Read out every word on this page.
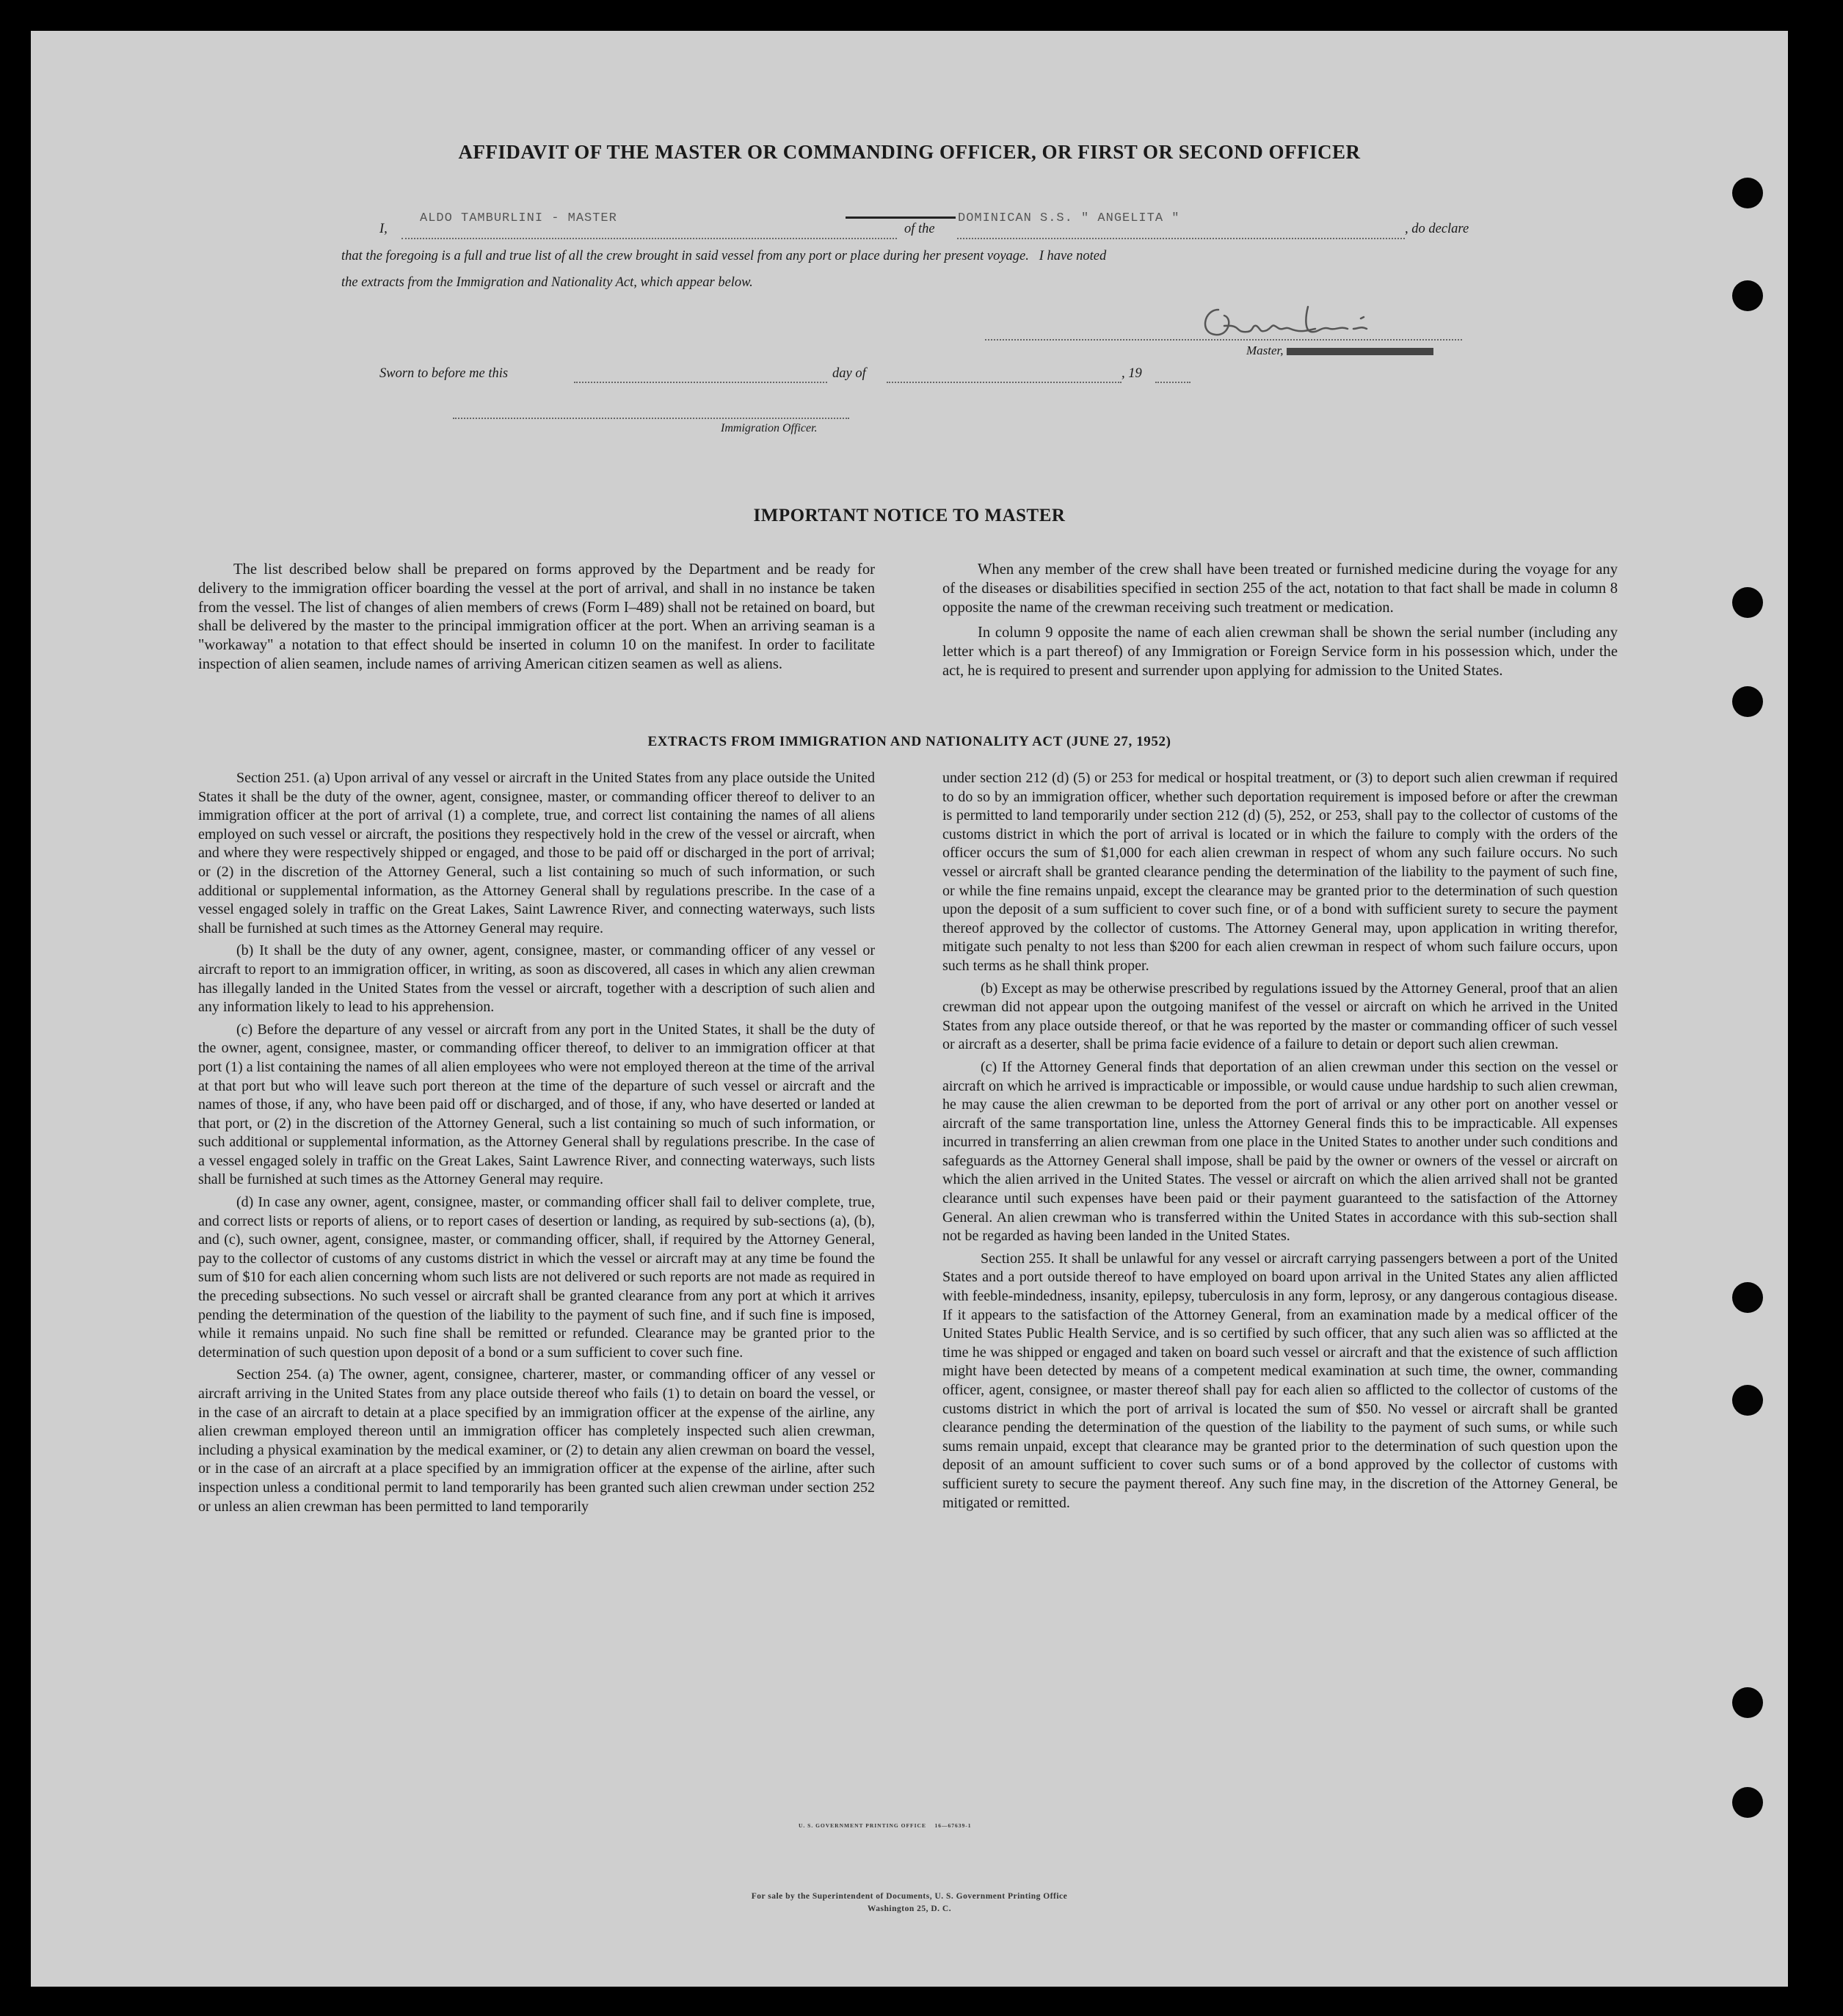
AFFIDAVIT OF THE MASTER OR COMMANDING OFFICER, OR FIRST OR SECOND OFFICER
I,
ALDO TAMBURLINI - MASTER
of the
DOMINICAN S.S. " ANGELITA "
, do declare
that the foregoing is a full and true list of all the crew brought in said vessel from any port or place during her present voyage.   I have noted
the extracts from the Immigration and Nationality Act, which appear below.
Master,
Sworn to before me this	day of	, 19
Immigration Officer.
IMPORTANT NOTICE TO MASTER

The list described below shall be prepared on forms approved by the Department and be ready for delivery to the immigration officer boarding the vessel at the port of arrival, and shall in no instance be taken from the vessel. The list of changes of alien members of crews (Form I–489) shall not be retained on board, but shall be delivered by the master to the principal immigration officer at the port. When an arriving seaman is a "workaway" a notation to that effect should be inserted in column 10 on the manifest. In order to facilitate inspection of alien seamen, include names of arriving American citizen seamen as well as aliens.

When any member of the crew shall have been treated or furnished medicine during the voyage for any of the diseases or disabilities specified in section 255 of the act, notation to that fact shall be made in column 8 opposite the name of the crewman receiving such treatment or medication.

In column 9 opposite the name of each alien crewman shall be shown the serial number (including any letter which is a part thereof) of any Immigration or Foreign Service form in his possession which, under the act, he is required to present and surrender upon applying for admission to the United States.

EXTRACTS FROM IMMIGRATION AND NATIONALITY ACT (JUNE 27, 1952)

Section 251. (a) Upon arrival of any vessel or aircraft in the United States from any place outside the United States it shall be the duty of the owner, agent, consignee, master, or commanding officer thereof to deliver to an immigration officer at the port of arrival (1) a complete, true, and correct list containing the names of all aliens employed on such vessel or aircraft, the positions they respectively hold in the crew of the vessel or aircraft, when and where they were respectively shipped or engaged, and those to be paid off or discharged in the port of arrival; or (2) in the discretion of the Attorney General, such a list containing so much of such information, or such additional or supplemental information, as the Attorney General shall by regulations prescribe. In the case of a vessel engaged solely in traffic on the Great Lakes, Saint Lawrence River, and connecting waterways, such lists shall be furnished at such times as the Attorney General may require.

(b) It shall be the duty of any owner, agent, consignee, master, or commanding officer of any vessel or aircraft to report to an immigration officer, in writing, as soon as discovered, all cases in which any alien crewman has illegally landed in the United States from the vessel or aircraft, together with a description of such alien and any information likely to lead to his apprehension.

(c) Before the departure of any vessel or aircraft from any port in the United States, it shall be the duty of the owner, agent, consignee, master, or commanding officer thereof, to deliver to an immigration officer at that port (1) a list containing the names of all alien employees who were not employed thereon at the time of the arrival at that port but who will leave such port thereon at the time of the departure of such vessel or aircraft and the names of those, if any, who have been paid off or discharged, and of those, if any, who have deserted or landed at that port, or (2) in the discretion of the Attorney General, such a list containing so much of such information, or such additional or supplemental information, as the Attorney General shall by regulations prescribe. In the case of a vessel engaged solely in traffic on the Great Lakes, Saint Lawrence River, and connecting waterways, such lists shall be furnished at such times as the Attorney General may require.

(d) In case any owner, agent, consignee, master, or commanding officer shall fail to deliver complete, true, and correct lists or reports of aliens, or to report cases of desertion or landing, as required by sub-sections (a), (b), and (c), such owner, agent, consignee, master, or commanding officer, shall, if required by the Attorney General, pay to the collector of customs of any customs district in which the vessel or aircraft may at any time be found the sum of $10 for each alien concerning whom such lists are not delivered or such reports are not made as required in the preceding subsections. No such vessel or aircraft shall be granted clearance from any port at which it arrives pending the determination of the question of the liability to the payment of such fine, and if such fine is imposed, while it remains unpaid. No such fine shall be remitted or refunded. Clearance may be granted prior to the determination of such question upon deposit of a bond or a sum sufficient to cover such fine.

Section 254. (a) The owner, agent, consignee, charterer, master, or commanding officer of any vessel or aircraft arriving in the United States from any place outside thereof who fails (1) to detain on board the vessel, or in the case of an aircraft to detain at a place specified by an immigration officer at the expense of the airline, any alien crewman employed thereon until an immigration officer has completely inspected such alien crewman, including a physical examination by the medical examiner, or (2) to detain any alien crewman on board the vessel, or in the case of an aircraft at a place specified by an immigration officer at the expense of the airline, after such inspection unless a conditional permit to land temporarily has been granted such alien crewman under section 252 or unless an alien crewman has been permitted to land temporarily

under section 212 (d) (5) or 253 for medical or hospital treatment, or (3) to deport such alien crewman if required to do so by an immigration officer, whether such deportation requirement is imposed before or after the crewman is permitted to land temporarily under section 212 (d) (5), 252, or 253, shall pay to the collector of customs of the customs district in which the port of arrival is located or in which the failure to comply with the orders of the officer occurs the sum of $1,000 for each alien crewman in respect of whom any such failure occurs. No such vessel or aircraft shall be granted clearance pending the determination of the liability to the payment of such fine, or while the fine remains unpaid, except the clearance may be granted prior to the determination of such question upon the deposit of a sum sufficient to cover such fine, or of a bond with sufficient surety to secure the payment thereof approved by the collector of customs. The Attorney General may, upon application in writing therefor, mitigate such penalty to not less than $200 for each alien crewman in respect of whom such failure occurs, upon such terms as he shall think proper.

(b) Except as may be otherwise prescribed by regulations issued by the Attorney General, proof that an alien crewman did not appear upon the outgoing manifest of the vessel or aircraft on which he arrived in the United States from any place outside thereof, or that he was reported by the master or commanding officer of such vessel or aircraft as a deserter, shall be prima facie evidence of a failure to detain or deport such alien crewman.

(c) If the Attorney General finds that deportation of an alien crewman under this section on the vessel or aircraft on which he arrived is impracticable or impossible, or would cause undue hardship to such alien crewman, he may cause the alien crewman to be deported from the port of arrival or any other port on another vessel or aircraft of the same transportation line, unless the Attorney General finds this to be impracticable. All expenses incurred in transferring an alien crewman from one place in the United States to another under such conditions and safeguards as the Attorney General shall impose, shall be paid by the owner or owners of the vessel or aircraft on which the alien arrived in the United States. The vessel or aircraft on which the alien arrived shall not be granted clearance until such expenses have been paid or their payment guaranteed to the satisfaction of the Attorney General. An alien crewman who is transferred within the United States in accordance with this sub-section shall not be regarded as having been landed in the United States.

Section 255. It shall be unlawful for any vessel or aircraft carrying passengers between a port of the United States and a port outside thereof to have employed on board upon arrival in the United States any alien afflicted with feeble-mindedness, insanity, epilepsy, tuberculosis in any form, leprosy, or any dangerous contagious disease. If it appears to the satisfaction of the Attorney General, from an examination made by a medical officer of the United States Public Health Service, and is so certified by such officer, that any such alien was so afflicted at the time he was shipped or engaged and taken on board such vessel or aircraft and that the existence of such affliction might have been detected by means of a competent medical examination at such time, the owner, commanding officer, agent, consignee, or master thereof shall pay for each alien so afflicted to the collector of customs of the customs district in which the port of arrival is located the sum of $50. No vessel or aircraft shall be granted clearance pending the determination of the question of the liability to the payment of such sums, or while such sums remain unpaid, except that clearance may be granted prior to the determination of such question upon the deposit of an amount sufficient to cover such sums or of a bond approved by the collector of customs with sufficient surety to secure the payment thereof. Any such fine may, in the discretion of the Attorney General, be mitigated or remitted.

U. S. GOVERNMENT PRINTING OFFICE    16—67639-1
For sale by the Superintendent of Documents, U. S. Government Printing Office
Washington 25, D. C.
